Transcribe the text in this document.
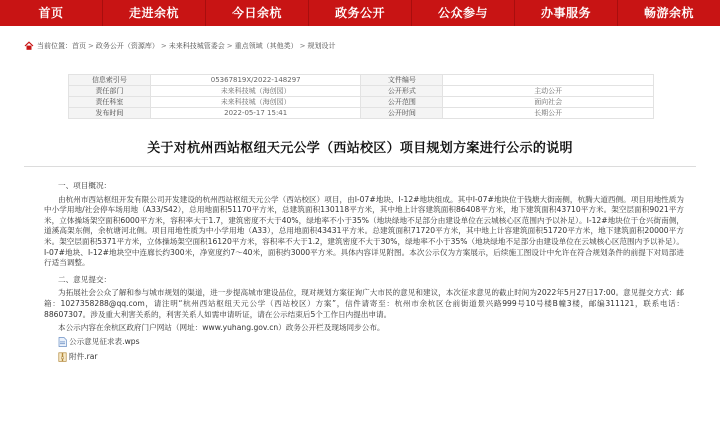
首页	走进余杭	今日余杭	政务公开	公众参与	办事服务	畅游余杭
当前位置： 首页 > 政务公开（资源库） > 未来科技城管委会 > 重点领域（其他类） > 规划设计
信息索引号	05367819X/2022-148297	文件编号	
责任部门	未来科技城（海创园）	公开形式	主动公开
责任科室	未来科技城（海创园）	公开范围	面向社会
发布时间	2022-05-17 15:41	公开时间	长期公开
关于对杭州西站枢纽天元公学（西站校区）项目规划方案进行公示的说明

一、项目概况：

由杭州市西站枢纽开发有限公司开发建设的杭州西站枢纽天元公学（西站校区）项目，由I-07#地块、I-12#地块组成。其中I-07#地块位于钱塘大街南侧，杭腾大道西侧。项目用地性质为中小学用地/社会停车场用地（A33/S42），总用地面积51170平方米，总建筑面积130118平方米，其中地上计容建筑面积86408平方米，地下建筑面积43710平方米。架空层面积9021平方米，立体操场架空面积6000平方米，容积率大于1.7，建筑密度不大于40%，绿地率不小于35%（地块绿地不足部分由建设单位在云城核心区范围内予以补足）。I-12#地块位于仓兴街南侧，道溪高架东侧，余杭塘河北侧。项目用地性质为中小学用地（A33），总用地面积43431平方米。总建筑面积71720平方米，其中地上计容建筑面积51720平方米，地下建筑面积20000平方米。架空层面积5371平方米，立体操场架空面积16120平方米，容积率不大于1.2，建筑密度不大于30%，绿地率不小于35%（地块绿地不足部分由建设单位在云城核心区范围内予以补足）。I-07#地块、I-12#地块空中连廊长约300米，净宽度约7～40米，面积约3000平方米。具体内容详见附图。本次公示仅为方案展示，后续施工图设计中允许在符合规划条件的前提下对局部进行适当调整。

二、意见提交：

为拓展社会公众了解和参与城市规划的渠道，进一步提高城市建设品位，现对规划方案征询广大市民的意见和建议，本次征求意见的截止时间为2022年5月27日17:00。意见提交方式：邮箱：1027358288@qq.com，请注明“杭州西站枢纽天元公学（西站校区）方案”，信件请寄至：杭州市余杭区仓前街道景兴路999号10号楼B幢3楼，邮编311121，联系电话：88607307。涉及重大利害关系的，利害关系人如需申请听证，请在公示结束后5个工作日内提出申请。

本公示内容在余杭区政府门户网站（网址：www.yuhang.gov.cn）政务公开栏及现场同步公布。

公示意见征求表.wps
附件.rar
